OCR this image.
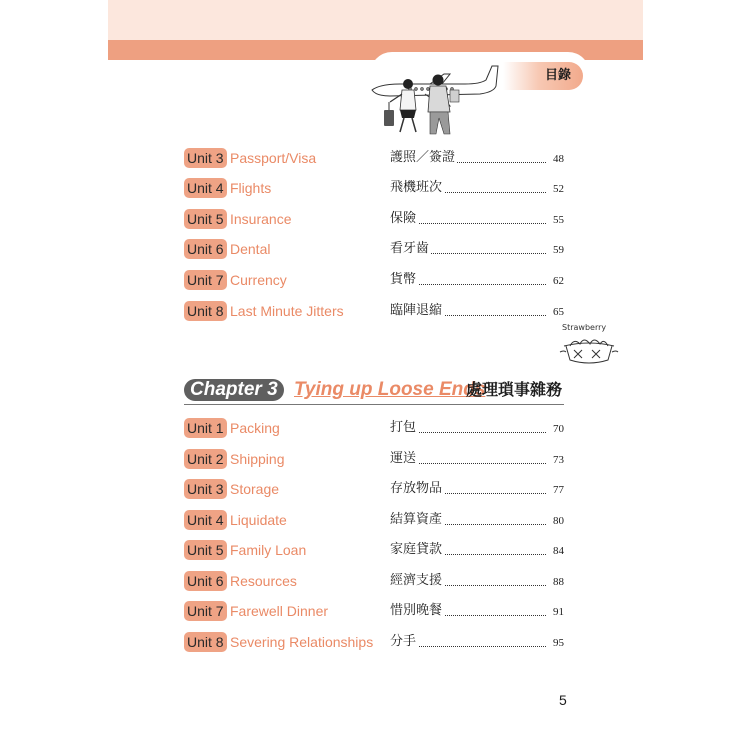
目錄
Unit 3 Passport/Visa	護照／簽證	48
Unit 4 Flights	飛機班次	52
Unit 5 Insurance	保險	55
Unit 6 Dental	看牙齒	59
Unit 7 Currency	貨幣	62
Unit 8 Last Minute Jitters	臨陣退縮	65
Strawberry
Chapter 3 Tying up Loose Ends
處理瑣事雜務
Unit 1 Packing	打包	70
Unit 2 Shipping	運送	73
Unit 3 Storage	存放物品	77
Unit 4 Liquidate	結算資產	80
Unit 5 Family Loan	家庭貸款	84
Unit 6 Resources	經濟支援	88
Unit 7 Farewell Dinner	惜別晚餐	91
Unit 8 Severing Relationships 分手	95
5
